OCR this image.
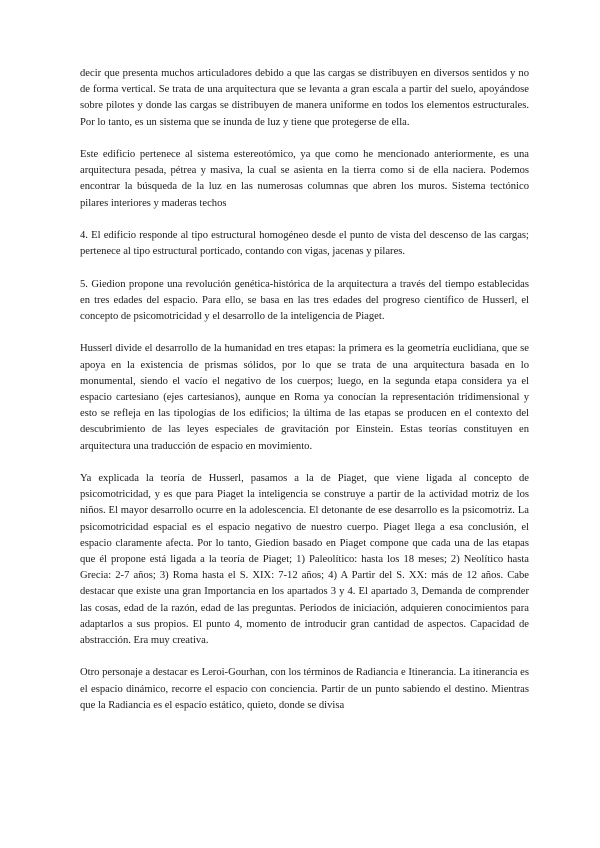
decir que presenta muchos articuladores debido a que las cargas se distribuyen en diversos sentidos y no de forma vertical. Se trata de una arquitectura que se levanta a gran escala a partir del suelo, apoyándose sobre pilotes y donde las cargas se distribuyen de manera uniforme en todos los elementos estructurales. Por lo tanto, es un sistema que se inunda de luz y tiene que protegerse de ella.

Este edificio pertenece al sistema estereotómico, ya que como he mencionado anteriormente, es una arquitectura pesada, pétrea y masiva, la cual se asienta en la tierra como si de ella naciera. Podemos encontrar la búsqueda de la luz en las numerosas columnas que abren los muros. Sistema tectónico pilares interiores y maderas techos

4. El edificio responde al tipo estructural homogéneo desde el punto de vista del descenso de las cargas; pertenece al tipo estructural porticado, contando con vigas, jacenas y pilares.

5. Giedion propone una revolución genética-histórica de la arquitectura a través del tiempo establecidas en tres edades del espacio. Para ello, se basa en las tres edades del progreso científico de Husserl, el concepto de psicomotricidad y el desarrollo de la inteligencia de Piaget.

Husserl divide el desarrollo de la humanidad en tres etapas: la primera es la geometría euclidiana, que se apoya en la existencia de prismas sólidos, por lo que se trata de una arquitectura basada en lo monumental, siendo el vacío el negativo de los cuerpos; luego, en la segunda etapa considera ya el espacio cartesiano (ejes cartesianos), aunque en Roma ya conocían la representación tridimensional y esto se refleja en las tipologías de los edificios; la última de las etapas se producen en el contexto del descubrimiento de las leyes especiales de gravitación por Einstein. Estas teorías constituyen en arquitectura una traducción de espacio en movimiento.

Ya explicada la teoría de Husserl, pasamos a la de Piaget, que viene ligada al concepto de psicomotricidad, y es que para Piaget la inteligencia se construye a partir de la actividad motriz de los niños. El mayor desarrollo ocurre en la adolescencia. El detonante de ese desarrollo es la psicomotriz. La psicomotricidad espacial es el espacio negativo de nuestro cuerpo. Piaget llega a esa conclusión, el espacio claramente afecta. Por lo tanto, Giedion basado en Piaget compone que cada una de las etapas que él propone está ligada a la teoría de Piaget; 1) Paleolítico: hasta los 18 meses; 2) Neolítico hasta Grecia: 2-7 años; 3) Roma hasta el S. XIX: 7-12 años; 4) A Partir del S. XX: más de 12 años. Cabe destacar que existe una gran Importancia en los apartados 3 y 4. El apartado 3, Demanda de comprender las cosas, edad de la razón, edad de las preguntas. Periodos de iniciación, adquieren conocimientos para adaptarlos a sus propios. El punto 4, momento de introducir gran cantidad de aspectos. Capacidad de abstracción. Era muy creativa.

Otro personaje a destacar es Leroi-Gourhan, con los términos de Radiancia e Itinerancia. La itinerancia es el espacio dinámico, recorre el espacio con conciencia. Partir de un punto sabiendo el destino. Mientras que la Radiancia es el espacio estático, quieto, donde se divisa
